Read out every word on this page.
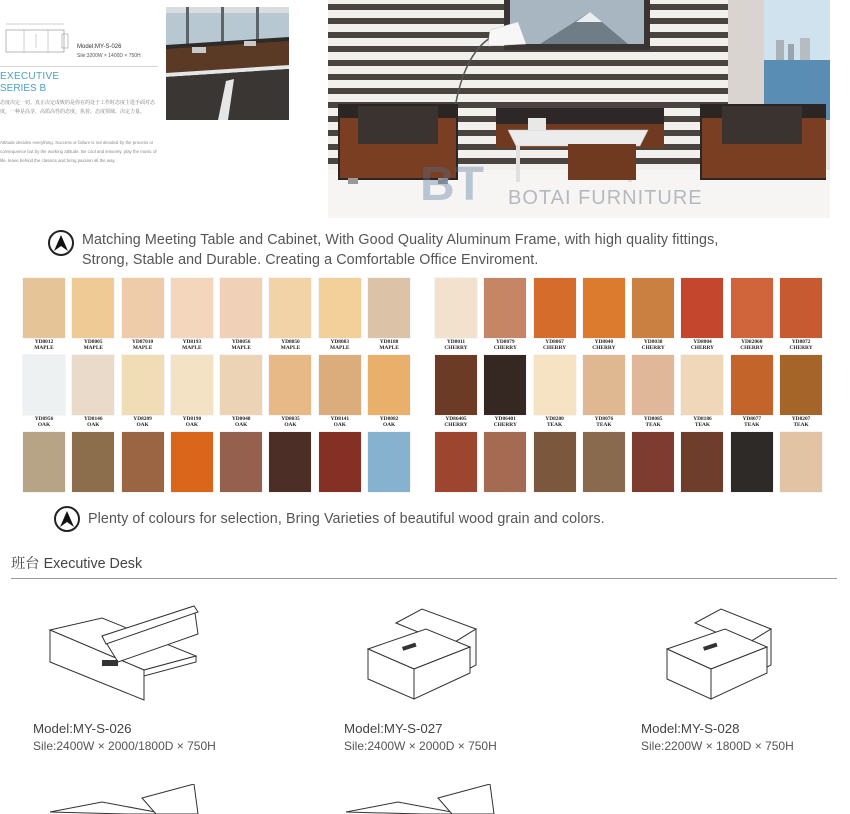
Model:MY-S-026
Sile:3200W × 1400D × 750H
EXECUTIVE
SERIES B
态度决定一切。真正决定成败的是你在的处于工作时态度主选手面对态度，一种是高享，高质高性的态度。执着、态度领域、决定力量。
Attitude decides everything. Success or failure is not decided by the process or consequence but by the working attitude. Be cool and leisurely, play the music of life, leave behind the classics and bring passion all the way.	BT BOTAI FURNITURE
Matching Meeting Table and Cabinet, With Good Quality Aluminum Frame, with high quality fittings,
Strong, Stable and Durable. Creating a Comfortable Office Enviroment.
YD8012
MAPLE
YD8005
MAPLE
YD87010
MAPLE
YD8193
MAPLE
YD8056
MAPLE
YD8050
MAPLE
YD8083
MAPLE
YD8188
MAPLE
YD8956
OAK
YD8146
OAK
YD8209
OAK
YD8190
OAK
YD8048
OAK
YD8035
OAK
YD8141
OAK
YD8082
OAK
YD8011
CHERRY
YD8079
CHERRY
YD8067
CHERRY
YD8040
CHERRY
YD8038
CHERRY
YD8004
CHERRY
YD82060
CHERRY
YD8072
CHERRY
YD86405
CHERRY
YD86401
CHERRY
YD8200
TEAK
YD8076
TEAK
YD8085
TEAK
YD8186
TEAK
YD8077
TEAK
YD8207
TEAK
Plenty of colours for selection, Bring Varieties of beautiful wood grain and colors.
班台 Executive Desk
Model:MY-S-026
Sile:2400W × 2000/1800D × 750H
Model:MY-S-027
Sile:2400W × 2000D × 750H
Model:MY-S-028
Sile:2200W × 1800D × 750H
